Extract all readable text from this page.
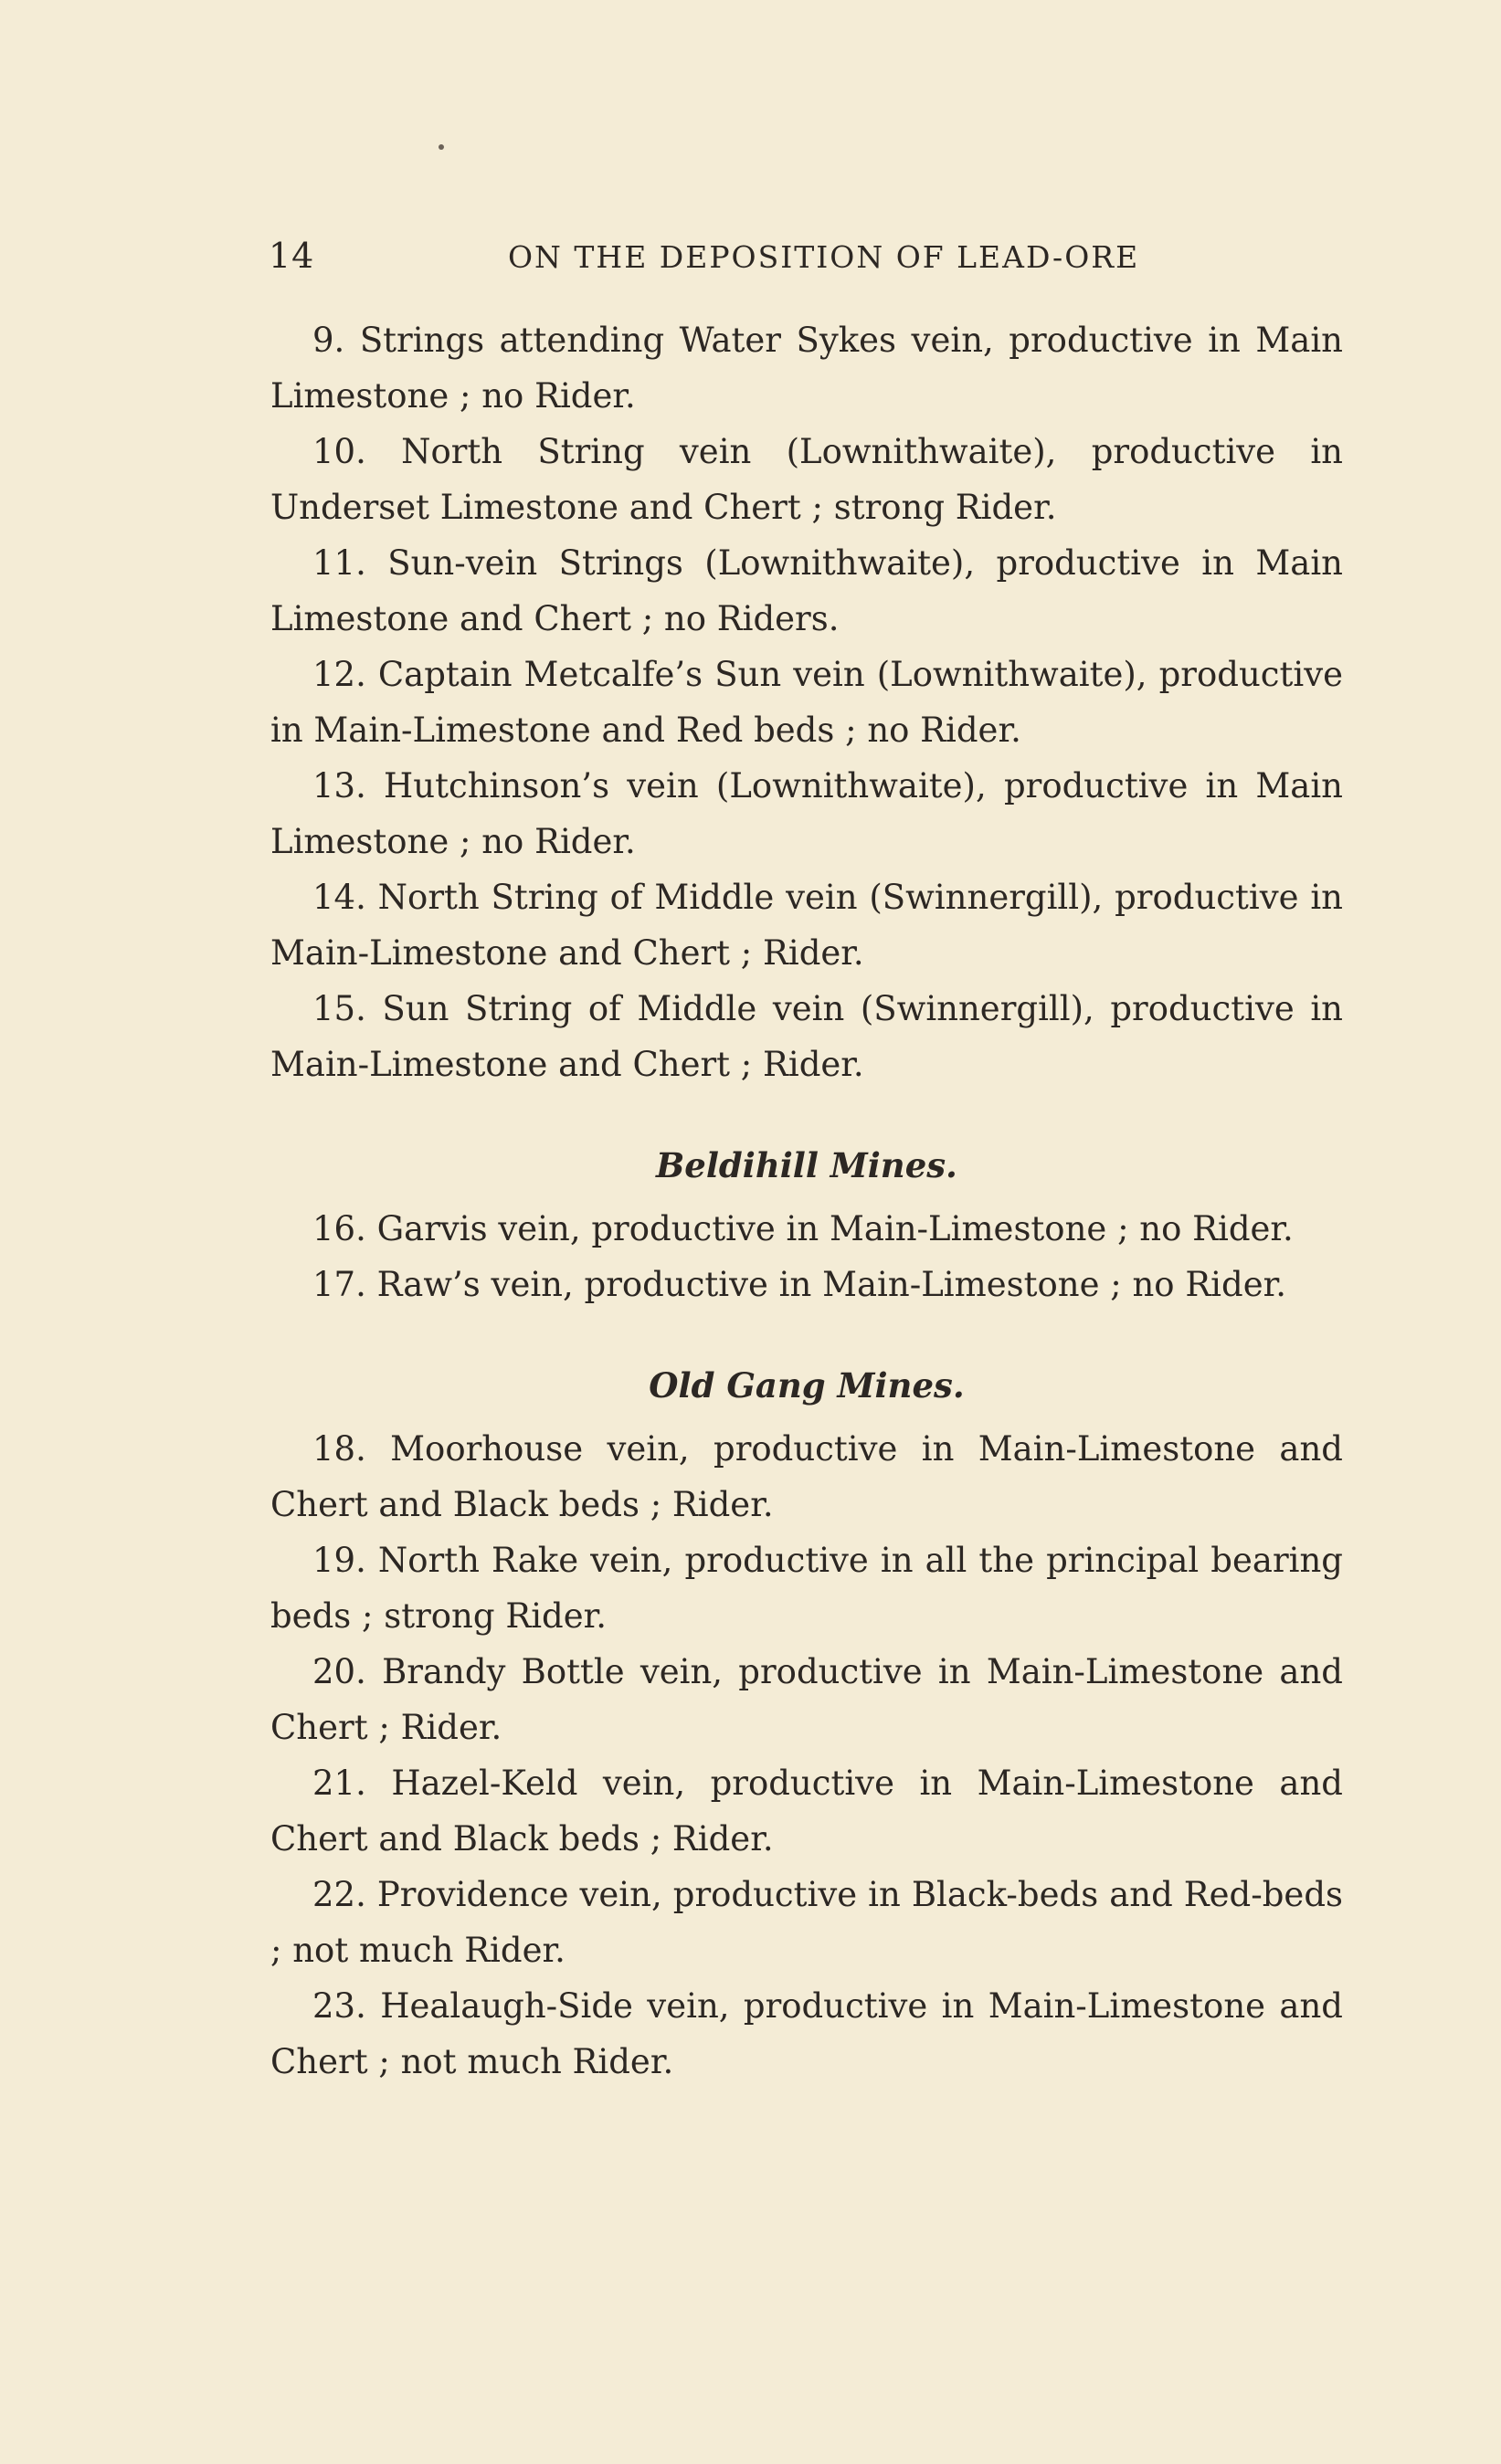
14	ON THE DEPOSITION OF LEAD-ORE

9. Strings attending Water Sykes vein, productive in Main Limestone ; no Rider.

10. North String vein (Lownithwaite), productive in Underset Limestone and Chert ; strong Rider.

11. Sun-vein Strings (Lownithwaite), productive in Main Limestone and Chert ; no Riders.

12. Captain Metcalfe’s Sun vein (Lownithwaite), productive in Main-Limestone and Red beds ; no Rider.

13. Hutchinson’s vein (Lownithwaite), productive in Main Limestone ; no Rider.

14. North String of Middle vein (Swinnergill), productive in Main-Limestone and Chert ; Rider.

15. Sun String of Middle vein (Swinnergill), productive in Main-Limestone and Chert ; Rider.

Beldihill Mines.

16. Garvis vein, productive in Main-Limestone ; no Rider.

17. Raw’s vein, productive in Main-Limestone ; no Rider.

Old Gang Mines.

18. Moorhouse vein, productive in Main-Limestone and Chert and Black beds ; Rider.

19. North Rake vein, productive in all the principal bearing beds ; strong Rider.

20. Brandy Bottle vein, productive in Main-Limestone and Chert ; Rider.

21. Hazel-Keld vein, productive in Main-Limestone and Chert and Black beds ; Rider.

22. Providence vein, productive in Black-beds and Red-beds ; not much Rider.

23. Healaugh-Side vein, productive in Main-Limestone and Chert ; not much Rider.
